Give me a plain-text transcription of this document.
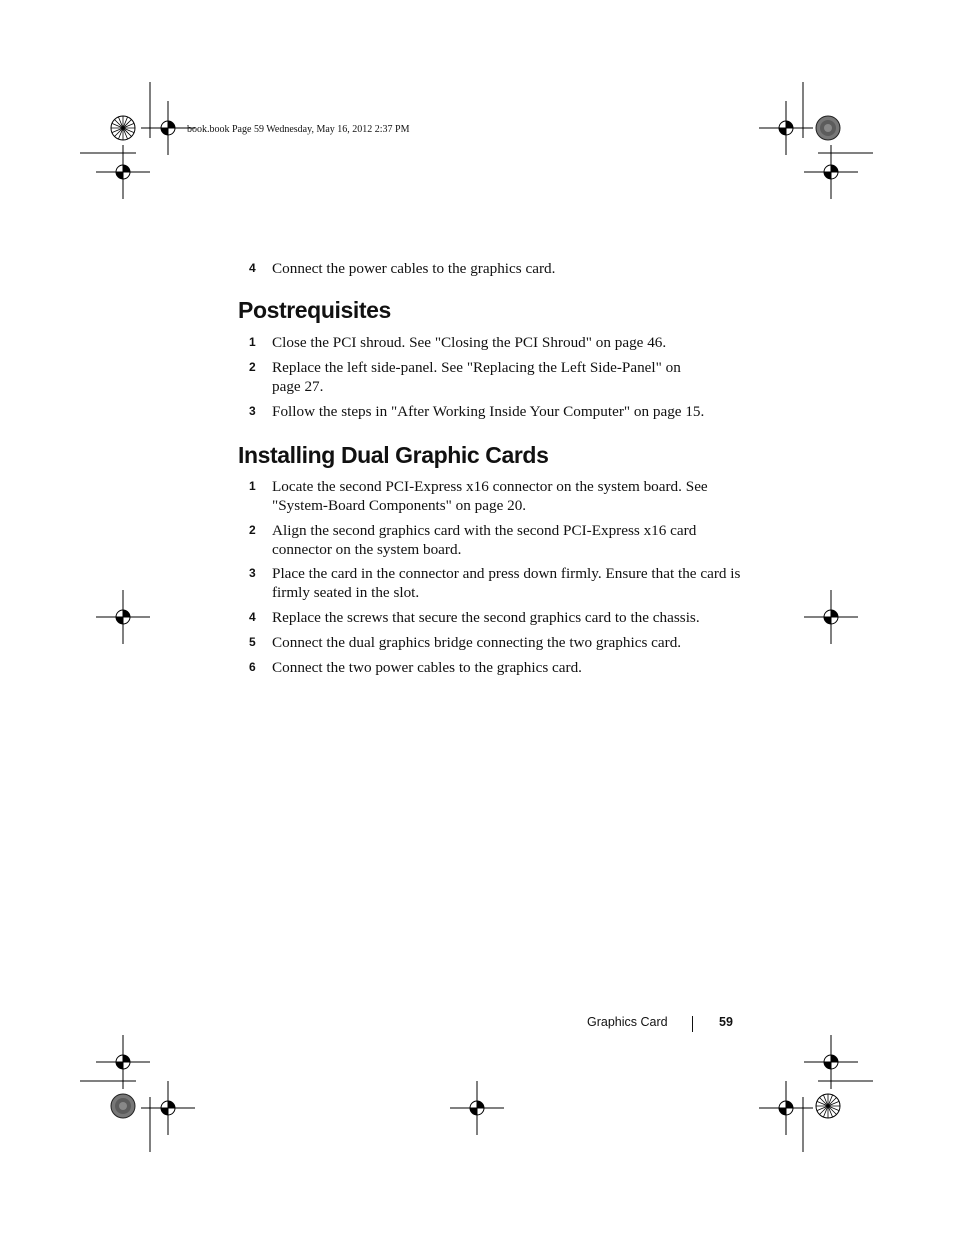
book.book Page 59 Wednesday, May 16, 2012 2:37 PM
4 Connect the power cables to the graphics card.
Postrequisites
1 Close the PCI shroud. See "Closing the PCI Shroud" on page 46.
2 Replace the left side-panel. See "Replacing the Left Side-Panel" on page 27.
3 Follow the steps in "After Working Inside Your Computer" on page 15.
Installing Dual Graphic Cards
1 Locate the second PCI-Express x16 connector on the system board. See "System-Board Components" on page 20.
2 Align the second graphics card with the second PCI-Express x16 card connector on the system board.
3 Place the card in the connector and press down firmly. Ensure that the card is firmly seated in the slot.
4 Replace the screws that secure the second graphics card to the chassis.
5 Connect the dual graphics bridge connecting the two graphics card.
6 Connect the two power cables to the graphics card.
Graphics Card	59
